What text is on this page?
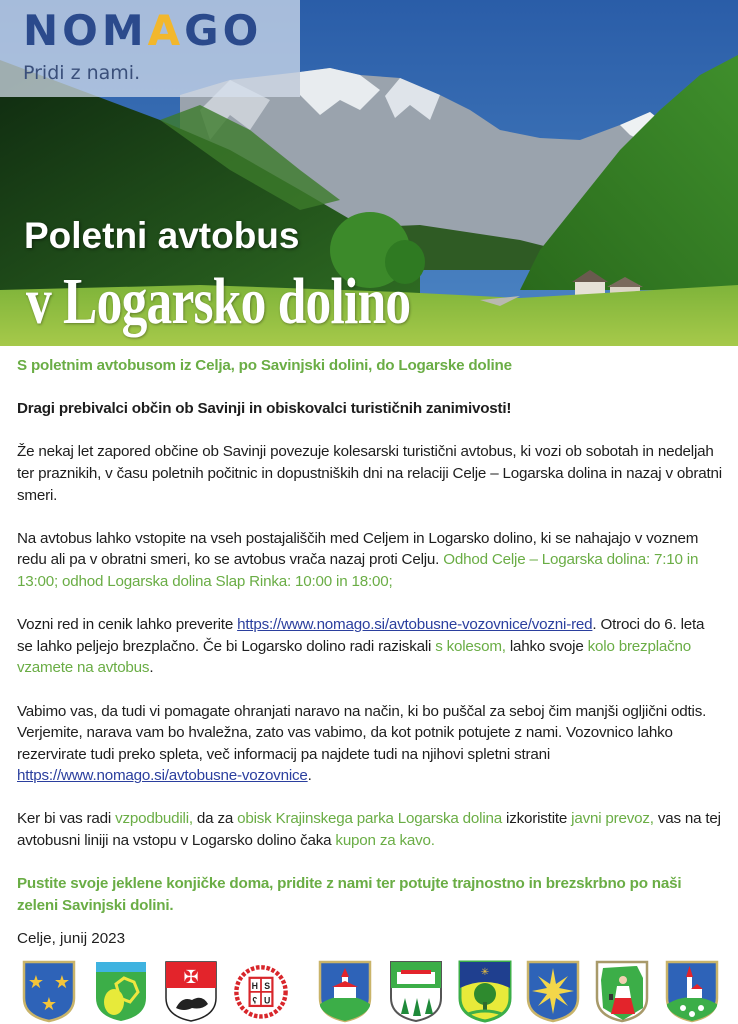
NOMAGO
Pridi z nami.
Poletni avtobus
v Logarsko dolino

S poletnim avtobusom iz Celja, po Savinjski dolini, do Logarske doline

Dragi prebivalci občin ob Savinji in obiskovalci turističnih zanimivosti!

Že nekaj let zapored občine ob Savinji povezuje kolesarski turistični avtobus, ki vozi ob sobotah in nedeljah ter praznikih, v času poletnih počitnic in dopustniških dni na relaciji Celje – Logarska dolina in nazaj v obratni smeri.

Na avtobus lahko vstopite na vseh postajališčih med Celjem in Logarsko dolino, ki se nahajajo v voznem redu ali pa v obratni smeri, ko se avtobus vrača nazaj proti Celju. Odhod Celje – Logarska dolina: 7:10 in 13:00; odhod Logarska dolina Slap Rinka: 10:00 in 18:00;

Vozni red in cenik lahko preverite https://www.nomago.si/avtobusne-vozovnice/vozni-red. Otroci do 6. leta se lahko peljejo brezplačno. Če bi Logarsko dolino radi raziskali s kolesom, lahko svoje kolo brezplačno vzamete na avtobus.

Vabimo vas, da tudi vi pomagate ohranjati naravo na način, ki bo puščal za seboj čim manjši ogljični odtis. Verjemite, narava vam bo hvaležna, zato vas vabimo, da kot potnik potujete z nami. Vozovnico lahko rezervirate tudi preko spleta, več informacij pa najdete tudi na njihovi spletni strani https://www.nomago.si/avtobusne-vozovnice.

Ker bi vas radi vzpodbudili, da za obisk Krajinskega parka Logarska dolina izkoristite javni prevoz, vas na tej avtobusni liniji na vstopu v Logarsko dolino čaka kupon za kavo.

Pustite svoje jeklene konjičke doma, pridite z nami ter potujte trajnostno in brezskrbno po naši zeleni Savinjski dolini.

Celje, junij 2023
★ ★
★
✠	H S
ʕ U
✳
